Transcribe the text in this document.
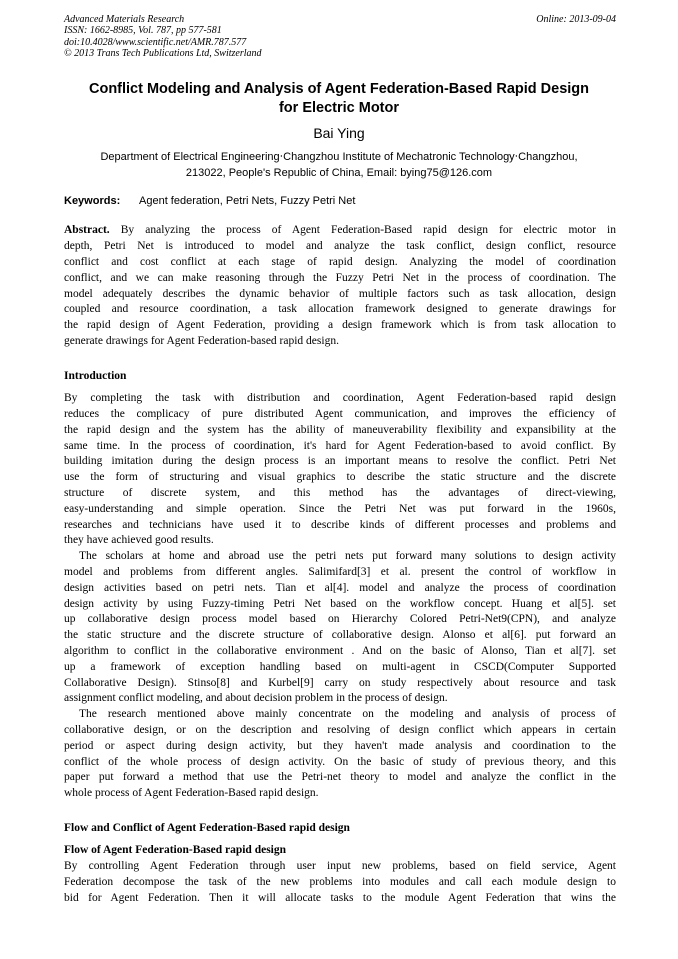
Advanced Materials Research
ISSN: 1662-8985, Vol. 787, pp 577-581
doi:10.4028/www.scientific.net/AMR.787.577
© 2013 Trans Tech Publications Ltd, Switzerland
Online: 2013-09-04
Conflict Modeling and Analysis of Agent Federation-Based Rapid Design
for Electric Motor
Bai Ying
Department of Electrical Engineering‧Changzhou Institute of Mechatronic Technology‧Changzhou,
213022, People's Republic of China, Email: bying75@126.com
Keywords: Agent federation, Petri Nets, Fuzzy Petri Net
Abstract. By analyzing the process of Agent Federation-Based rapid design for electric motor in
depth, Petri Net is introduced to model and analyze the task conflict, design conflict, resource
conflict and cost conflict at each stage of rapid design. Analyzing the model of coordination
conflict, and we can make reasoning through the Fuzzy Petri Net in the process of coordination. The
model adequately describes the dynamic behavior of multiple factors such as task allocation, design
coupled and resource coordination, a task allocation framework designed to generate drawings for
the rapid design of Agent Federation, providing a design framework which is from task allocation to
generate drawings for Agent Federation-based rapid design.
Introduction
By completing the task with distribution and coordination, Agent Federation-based rapid design
reduces the complicacy of pure distributed Agent communication, and improves the efficiency of
the rapid design and the system has the ability of maneuverability flexibility and expansibility at the
same time. In the process of coordination, it's hard for Agent Federation-based to avoid conflict. By
building imitation during the design process is an important means to resolve the conflict. Petri Net
use the form of structuring and visual graphics to describe the static structure and the discrete
structure of discrete system, and this method has the advantages of direct-viewing,
easy-understanding and simple operation. Since the Petri Net was put forward in the 1960s,
researches and technicians have used it to describe kinds of different processes and problems and
they have achieved good results.
The scholars at home and abroad use the petri nets put forward many solutions to design activity
model and problems from different angles. Salimifard[3] et al. present the control of workflow in
design activities based on petri nets. Tian et al[4]. model and analyze the process of coordination
design activity by using Fuzzy-timing Petri Net based on the workflow concept. Huang et al[5]. set
up collaborative design process model based on Hierarchy Colored Petri-Net9(CPN), and analyze
the static structure and the discrete structure of collaborative design. Alonso et al[6]. put forward an
algorithm to conflict in the collaborative environment . And on the basic of Alonso, Tian et al[7]. set
up a framework of exception handling based on multi-agent in CSCD(Computer Supported
Collaborative Design). Stinso[8] and Kurbel[9] carry on study respectively about resource and task
assignment conflict modeling, and about decision problem in the process of design.
The research mentioned above mainly concentrate on the modeling and analysis of process of
collaborative design, or on the description and resolving of design conflict which appears in certain
period or aspect during design activity, but they haven't made analysis and coordination to the
conflict of the whole process of design activity. On the basic of study of previous theory, and this
paper put forward a method that use the Petri-net theory to model and analyze the conflict in the
whole process of Agent Federation-Based rapid design.
Flow and Conflict of Agent Federation-Based rapid design
Flow of Agent Federation-Based rapid design
By controlling Agent Federation through user input new problems, based on field service, Agent
Federation decompose the task of the new problems into modules and call each module design to
bid for Agent Federation. Then it will allocate tasks to the module Agent Federation that wins the
